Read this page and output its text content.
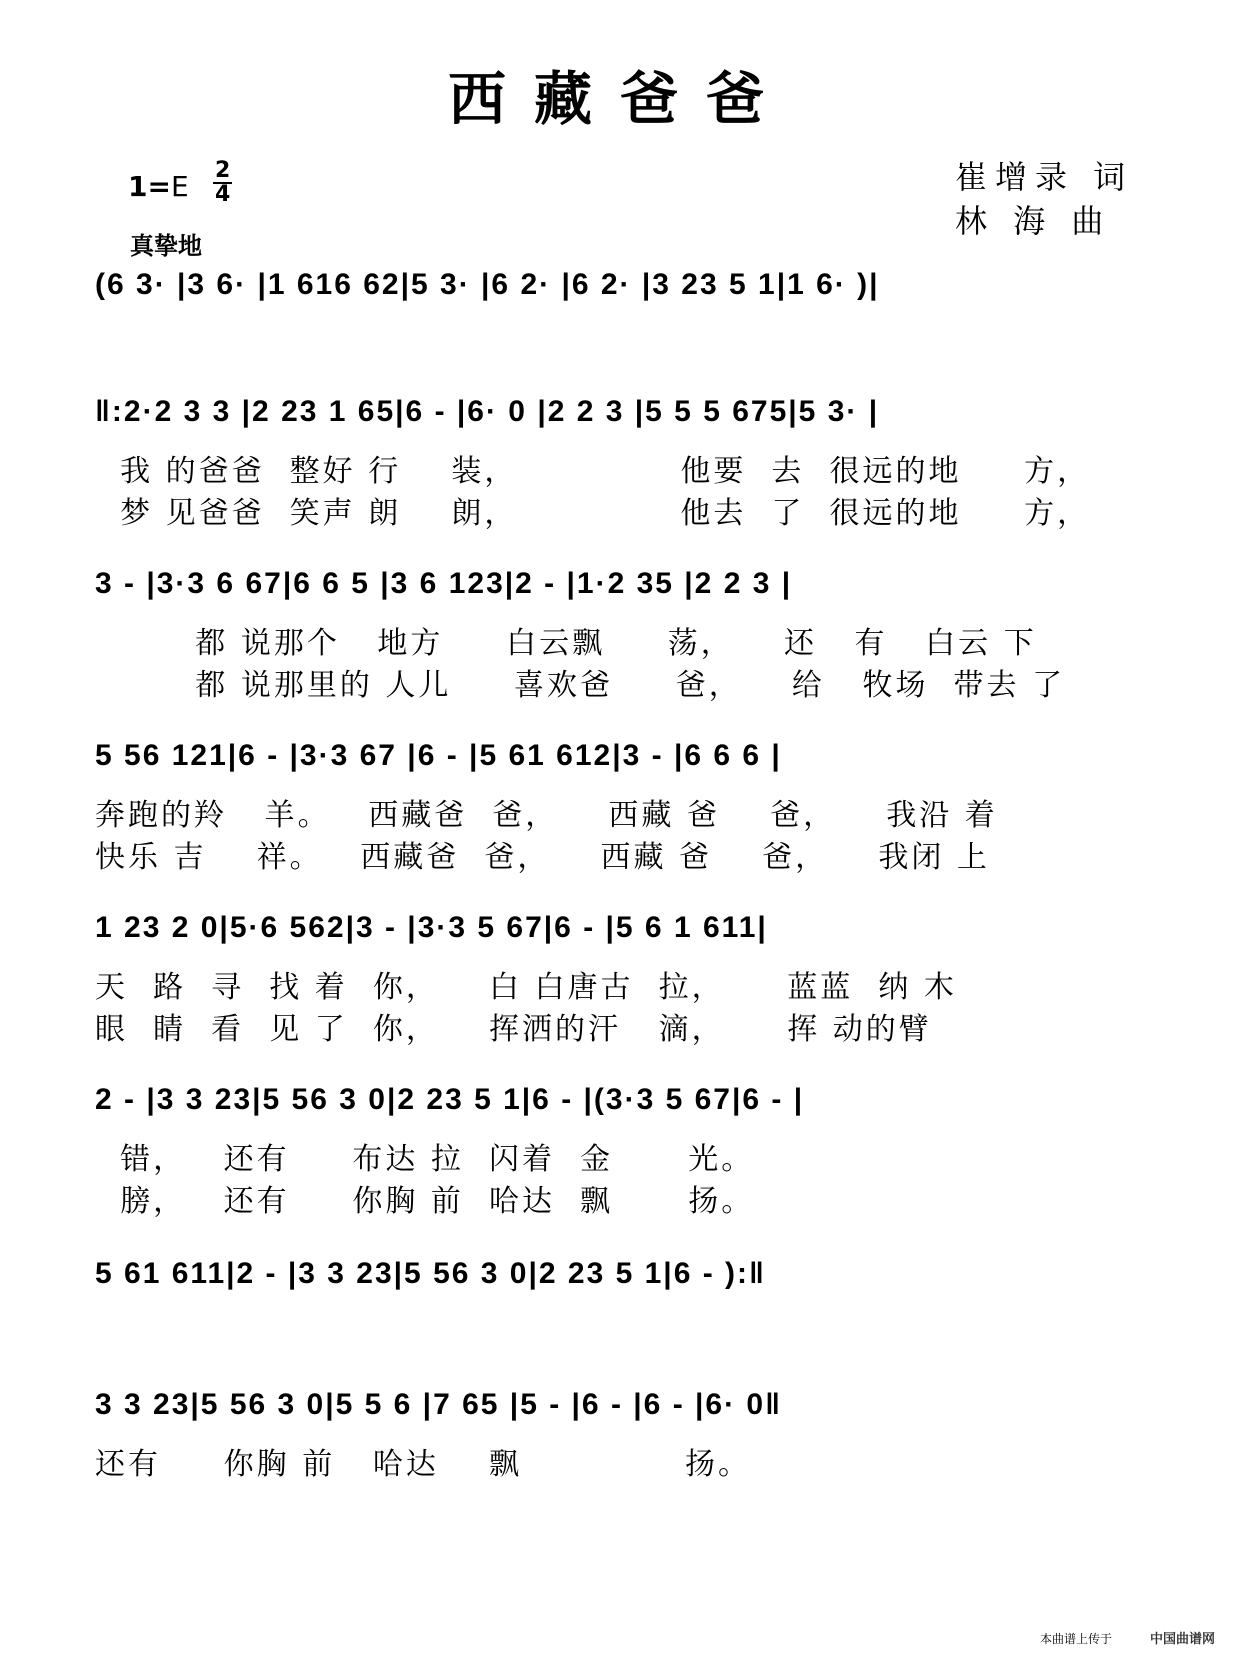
西藏爸爸
1=E 2
4
真挚地
崔增录 词
林 海 曲
(6 3· |3 6· |1 616 62|5 3· |6 2· |6 2· |3 23 5 1|1 6· )|
‖:2·2 3 3 |2 23 1 65|6 - |6· 0 |2 2 3 |5 5 5 675|5 3· |
我 的爸爸  整好 行    装，             他要  去  很远的地     方，
梦 见爸爸  笑声 朗    朗，             他去  了  很远的地     方，
3 - |3·3 6 67|6 6 5 |3 6 123|2 - |1·2 35 |2 2 3 |
都 说那个   地方     白云飘     荡，    还   有   白云 下
都 说那里的 人儿     喜欢爸     爸，    给   牧场  带去 了
5 56 121|6 - |3·3 67 |6 - |5 61 612|3 - |6 6 6 |
奔跑的羚   羊。   西藏爸  爸，    西藏 爸    爸，    我沿 着
快乐 吉    祥。   西藏爸  爸，    西藏 爸    爸，    我闭 上
1 23 2 0|5·6 562|3 - |3·3 5 67|6 - |5 6 1 611|
天  路  寻  找 着  你，    白 白唐古  拉，     蓝蓝  纳 木
眼  睛  看  见 了  你，    挥洒的汗   滴，     挥 动的臂
2 - |3 3 23|5 56 3 0|2 23 5 1|6 - |(3·3 5 67|6 - |
错，   还有     布达 拉  闪着  金      光。
膀，   还有     你胸 前  哈达  飘      扬。
5 61 611|2 - |3 3 23|5 56 3 0|2 23 5 1|6 - ):‖
3 3 23|5 56 3 0|5 5 6 |7 65 |5 - |6 - |6 - |6· 0‖
还有     你胸 前   哈达    飘             扬。
本曲谱上传于	中国曲谱网
